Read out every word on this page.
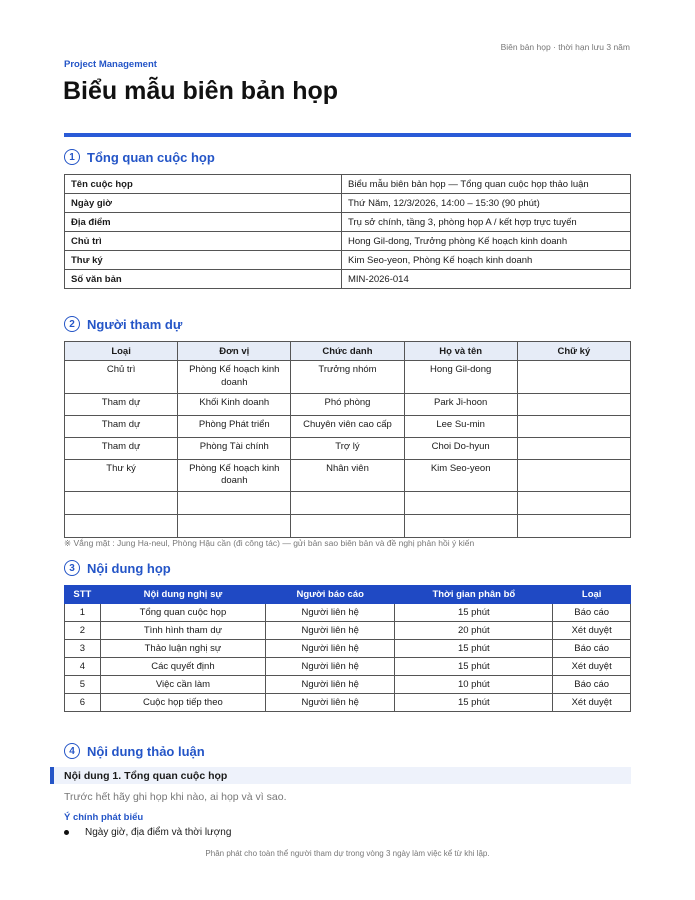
Biên bản họp · thời hạn lưu 3 năm
Project Management
Biểu mẫu biên bản họp
1 Tổng quan cuộc họp
Tên cuộc họp	Biểu mẫu biên bản họp — Tổng quan cuộc họp thảo luận
Ngày giờ	Thứ Năm, 12/3/2026, 14:00 – 15:30 (90 phút)
Địa điểm	Trụ sở chính, tầng 3, phòng họp A / kết hợp trực tuyến
Chủ trì	Hong Gil-dong, Trưởng phòng Kế hoạch kinh doanh
Thư ký	Kim Seo-yeon, Phòng Kế hoạch kinh doanh
Số văn bản	MIN-2026-014
2 Người tham dự
Loại	Đơn vị	Chức danh	Họ và tên	Chữ ký
Chủ trì	Phòng Kế hoạch kinh doanh	Trưởng nhóm	Hong Gil-dong	
Tham dự	Khối Kinh doanh	Phó phòng	Park Ji-hoon	
Tham dự	Phòng Phát triển	Chuyên viên cao cấp	Lee Su-min	
Tham dự	Phòng Tài chính	Trợ lý	Choi Do-hyun	
Thư ký	Phòng Kế hoạch kinh doanh	Nhân viên	Kim Seo-yeon	

※ Vắng mặt : Jung Ha-neul, Phòng Hậu cần (đi công tác) — gửi bản sao biên bản và đề nghị phản hồi ý kiến
3 Nội dung họp
STT	Nội dung nghị sự	Người báo cáo	Thời gian phân bổ	Loại
1	Tổng quan cuộc họp	Người liên hệ	15 phút	Báo cáo
2	Tình hình tham dự	Người liên hệ	20 phút	Xét duyệt
3	Thảo luận nghị sự	Người liên hệ	15 phút	Báo cáo
4	Các quyết định	Người liên hệ	15 phút	Xét duyệt
5	Việc cần làm	Người liên hệ	10 phút	Báo cáo
6	Cuộc họp tiếp theo	Người liên hệ	15 phút	Xét duyệt
4 Nội dung thảo luận
Nội dung 1. Tổng quan cuộc họp
Trước hết hãy ghi họp khi nào, ai họp và vì sao.
Ý chính phát biểu
Ngày giờ, địa điểm và thời lượng
Phân phát cho toàn thể người tham dự trong vòng 3 ngày làm việc kể từ khi lập.
